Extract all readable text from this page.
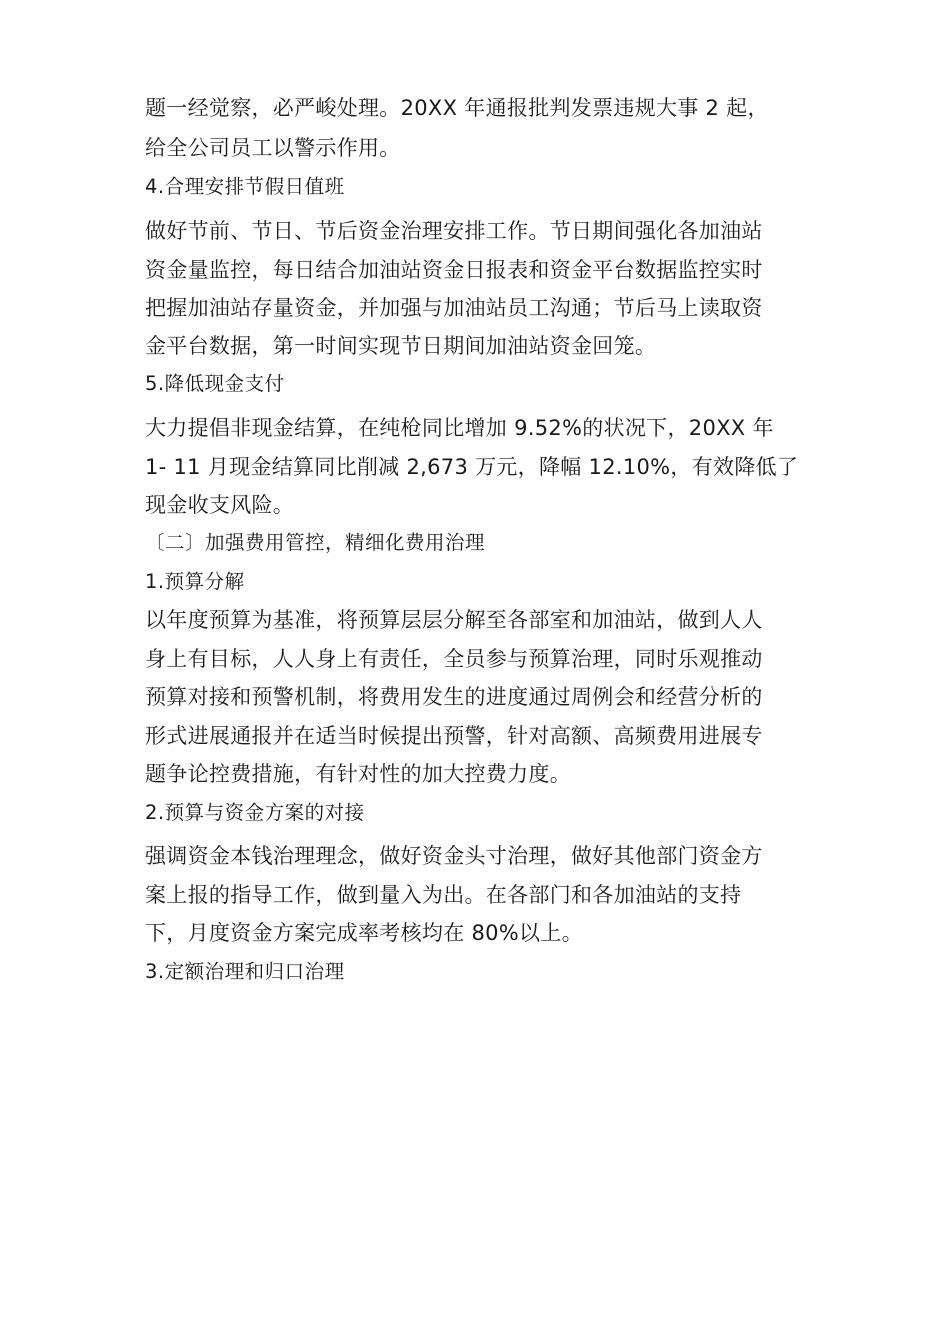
题一经觉察，必严峻处理。20XX 年通报批判发票违规大事 2 起，
给全公司员工以警示作用。
4.合理安排节假日值班
做好节前、节日、节后资金治理安排工作。节日期间强化各加油站
资金量监控，每日结合加油站资金日报表和资金平台数据监控实时
把握加油站存量资金，并加强与加油站员工沟通；节后马上读取资
金平台数据，第一时间实现节日期间加油站资金回笼。
5.降低现金支付
大力提倡非现金结算，在纯枪同比增加 9.52%的状况下，20XX 年
1- 11 月现金结算同比削减 2,673 万元，降幅 12.10%，有效降低了
现金收支风险。
〔二〕加强费用管控，精细化费用治理
1.预算分解
以年度预算为基准，将预算层层分解至各部室和加油站，做到人人
身上有目标，人人身上有责任，全员参与预算治理，同时乐观推动
预算对接和预警机制，将费用发生的进度通过周例会和经营分析的
形式进展通报并在适当时候提出预警，针对高额、高频费用进展专
题争论控费措施，有针对性的加大控费力度。
2.预算与资金方案的对接
强调资金本钱治理理念，做好资金头寸治理，做好其他部门资金方
案上报的指导工作，做到量入为出。在各部门和各加油站的支持
下，月度资金方案完成率考核均在 80%以上。
3.定额治理和归口治理
